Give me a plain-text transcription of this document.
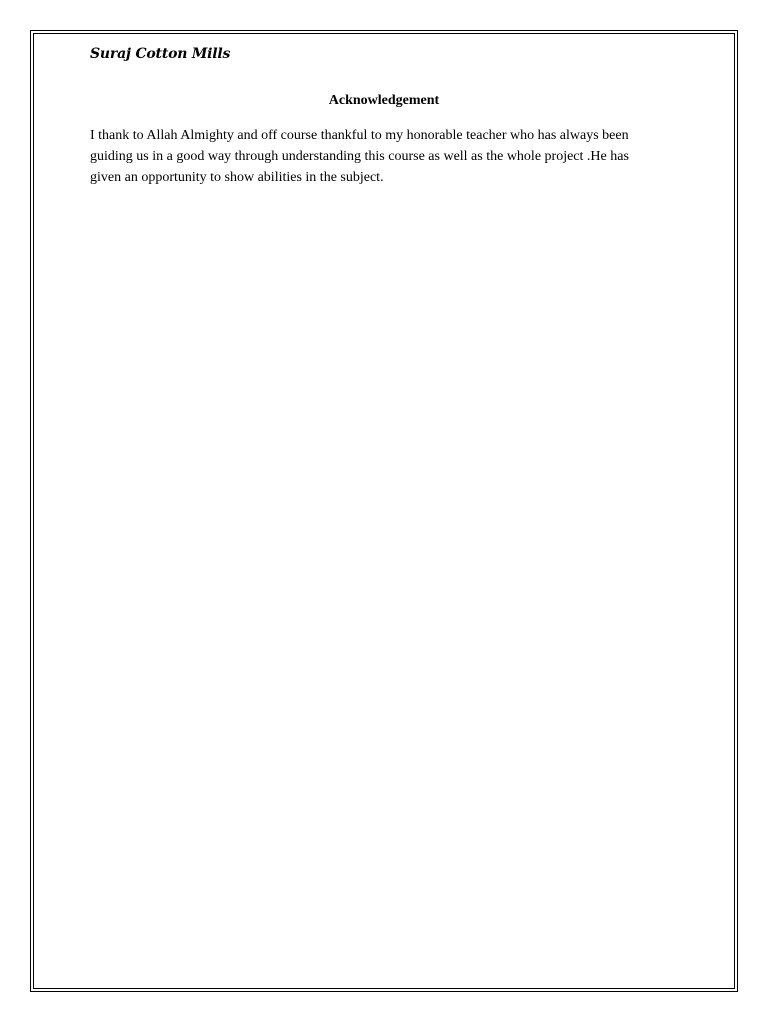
Suraj Cotton Mills
Acknowledgement
I thank to Allah Almighty and off course thankful to my honorable teacher who has always been
guiding us in a good way through understanding this course as well as the whole project .He has
given an opportunity to show abilities in the subject.
